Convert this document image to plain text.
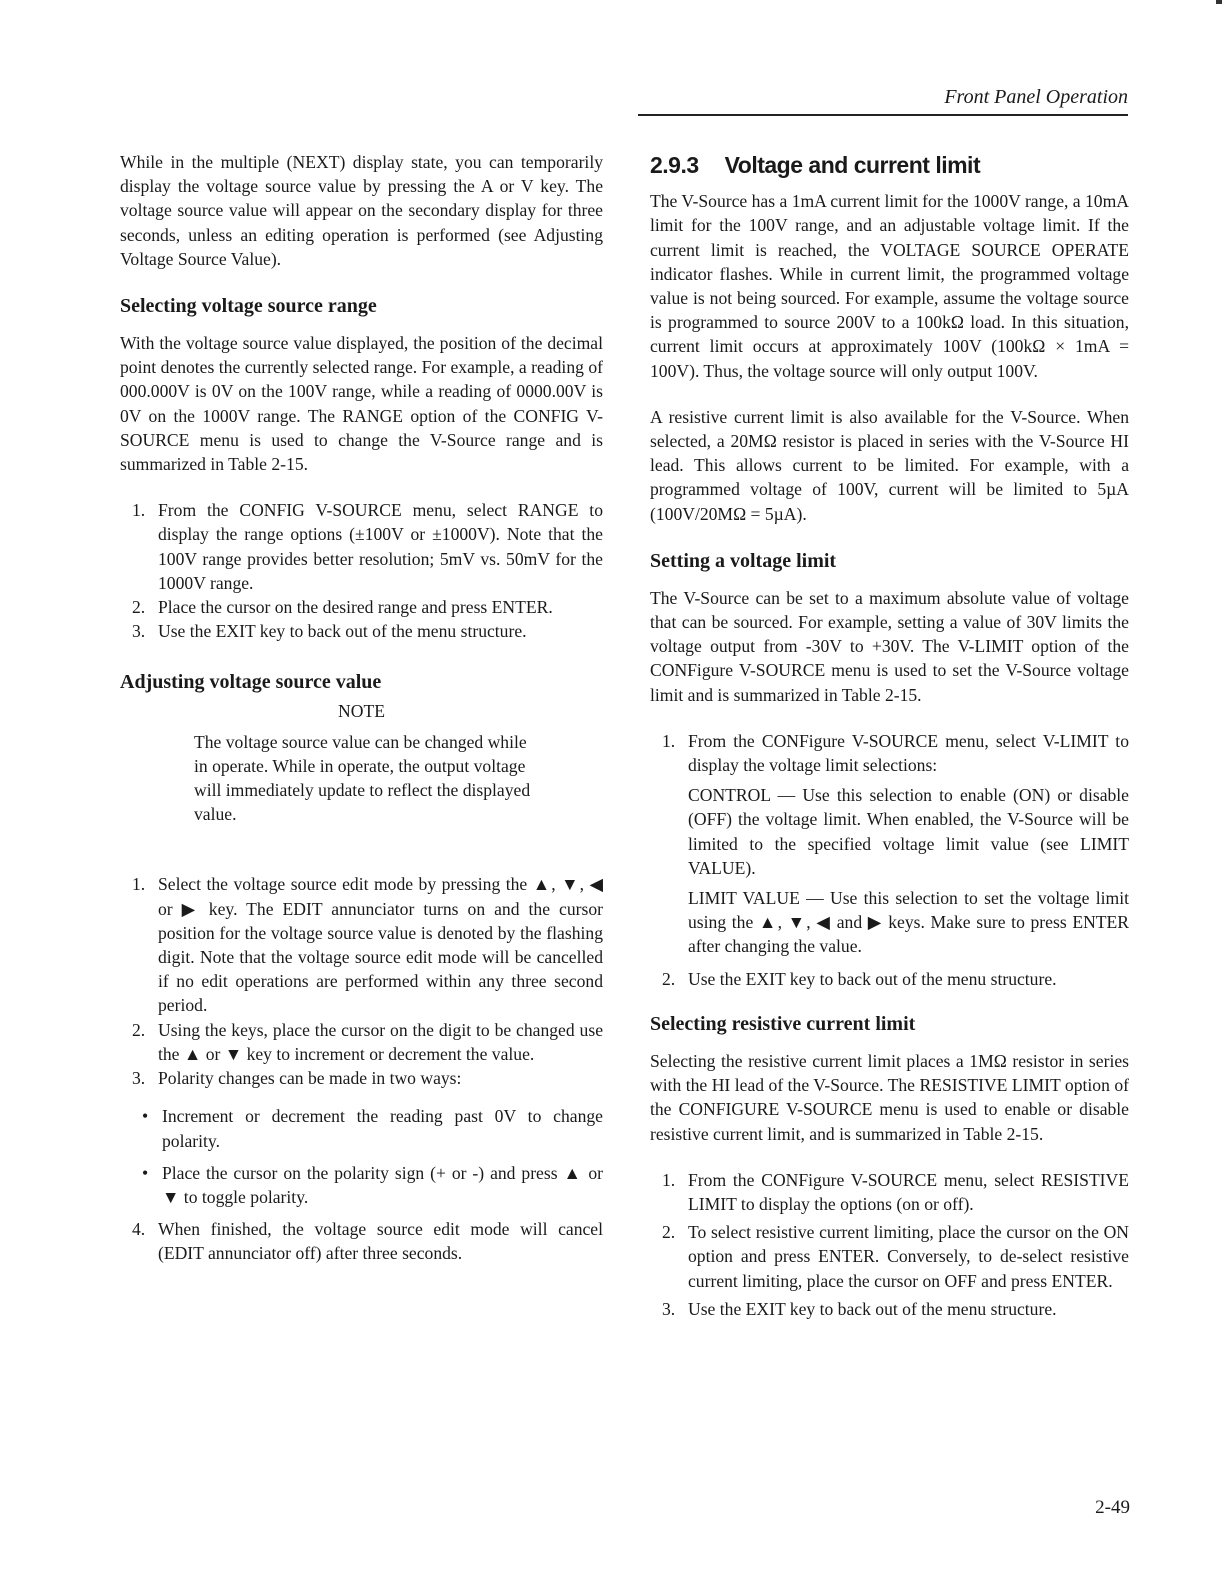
Front Panel Operation

While in the multiple (NEXT) display state, you can temporarily display the voltage source value by pressing the A or V key. The voltage source value will appear on the secondary display for three seconds, unless an editing operation is performed (see Adjusting Voltage Source Value).

Selecting voltage source range

With the voltage source value displayed, the position of the decimal point denotes the currently selected range. For example, a reading of 000.000V is 0V on the 100V range, while a reading of 0000.00V is 0V on the 1000V range. The RANGE option of the CONFIG V-SOURCE menu is used to change the V-Source range and is summarized in Table 2-15.

1. From the CONFIG V-SOURCE menu, select RANGE to display the range options (±100V or ±1000V). Note that the 100V range provides better resolution; 5mV vs. 50mV for the 1000V range.
2. Place the cursor on the desired range and press ENTER.
3. Use the EXIT key to back out of the menu structure.
Adjusting voltage source value

NOTE

The voltage source value can be changed while in operate. While in operate, the output voltage will immediately update to reflect the displayed value.

1. Select the voltage source edit mode by pressing the ▲, ▼, ◀ or ▶ key. The EDIT annunciator turns on and the cursor position for the voltage source value is denoted by the flashing digit. Note that the voltage source edit mode will be cancelled if no edit operations are performed within any three second period.
2. Using the keys, place the cursor on the digit to be changed use the ▲ or ▼ key to increment or decrement the value.
3. Polarity changes can be made in two ways:
• Increment or decrement the reading past 0V to change polarity.
• Place the cursor on the polarity sign (+ or -) and press ▲ or ▼ to toggle polarity.
4. When finished, the voltage source edit mode will cancel (EDIT annunciator off) after three seconds.
2.9.3 Voltage and current limit

The V-Source has a 1mA current limit for the 1000V range, a 10mA limit for the 100V range, and an adjustable voltage limit. If the current limit is reached, the VOLTAGE SOURCE OPERATE indicator flashes. While in current limit, the programmed voltage value is not being sourced. For example, assume the voltage source is programmed to source 200V to a 100kΩ load. In this situation, current limit occurs at approximately 100V (100kΩ × 1mA = 100V). Thus, the voltage source will only output 100V.

A resistive current limit is also available for the V-Source. When selected, a 20MΩ resistor is placed in series with the V-Source HI lead. This allows current to be limited. For example, with a programmed voltage of 100V, current will be limited to 5µA (100V/20MΩ = 5µA).

Setting a voltage limit

The V-Source can be set to a maximum absolute value of voltage that can be sourced. For example, setting a value of 30V limits the voltage output from -30V to +30V. The V-LIMIT option of the CONFigure V-SOURCE menu is used to set the V-Source voltage limit and is summarized in Table 2-15.

1. From the CONFigure V-SOURCE menu, select V-LIMIT to display the voltage limit selections:

CONTROL — Use this selection to enable (ON) or disable (OFF) the voltage limit. When enabled, the V-Source will be limited to the specified voltage limit value (see LIMIT VALUE).

LIMIT VALUE — Use this selection to set the voltage limit using the ▲, ▼, ◀ and ▶ keys. Make sure to press ENTER after changing the value.

2. Use the EXIT key to back out of the menu structure.
Selecting resistive current limit

Selecting the resistive current limit places a 1MΩ resistor in series with the HI lead of the V-Source. The RESISTIVE LIMIT option of the CONFIGURE V-SOURCE menu is used to enable or disable resistive current limit, and is summarized in Table 2-15.

1. From the CONFigure V-SOURCE menu, select RESISTIVE LIMIT to display the options (on or off).
2. To select resistive current limiting, place the cursor on the ON option and press ENTER. Conversely, to de-select resistive current limiting, place the cursor on OFF and press ENTER.
3. Use the EXIT key to back out of the menu structure.
2-49
